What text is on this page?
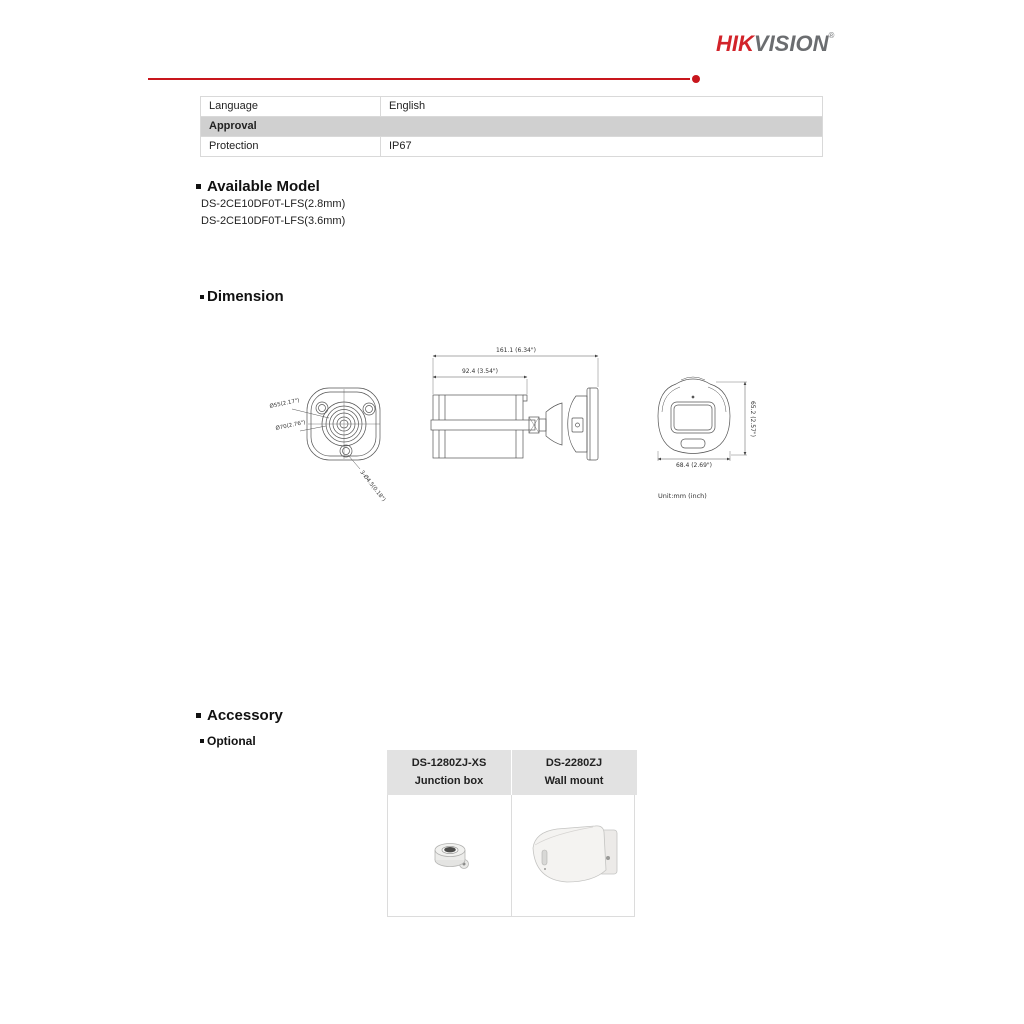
HIKVISION®
Language	English
Approval
Protection	IP67
Available Model
DS-2CE10DF0T-LFS(2.8mm)
DS-2CE10DF0T-LFS(3.6mm)
Dimension
Ø55(2.17")
Ø70(2.76")
3-Ø4.5(0.18")
161.1 (6.34")
92.4 (3.54")
65.2 (2.57")
68.4 (2.69")
Unit:mm (inch)
Accessory
Optional
DS-1280ZJ-XS
Junction box
DS-2280ZJ
Wall mount
